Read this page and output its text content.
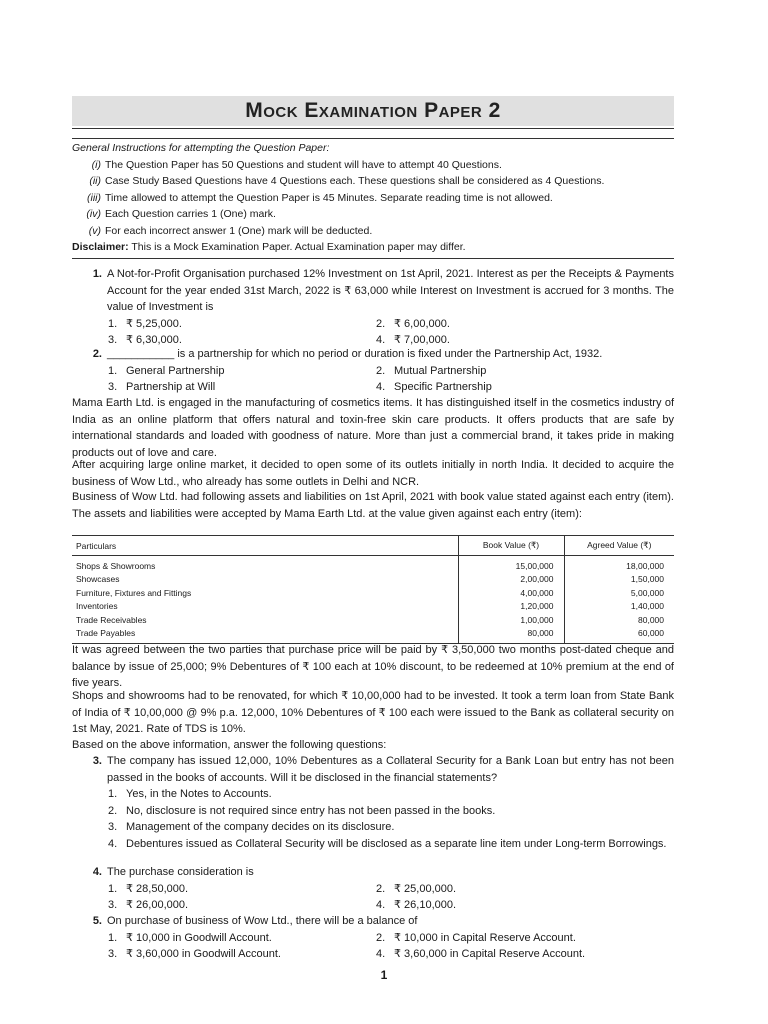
Mock Examination Paper 2
General Instructions for attempting the Question Paper:
(i) The Question Paper has 50 Questions and student will have to attempt 40 Questions.
(ii) Case Study Based Questions have 4 Questions each. These questions shall be considered as 4 Questions.
(iii) Time allowed to attempt the Question Paper is 45 Minutes. Separate reading time is not allowed.
(iv) Each Question carries 1 (One) mark.
(v) For each incorrect answer 1 (One) mark will be deducted.
Disclaimer: This is a Mock Examination Paper. Actual Examination paper may differ.
1. A Not-for-Profit Organisation purchased 12% Investment on 1st April, 2021. Interest as per the Receipts & Payments Account for the year ended 31st March, 2022 is ₹ 63,000 while Interest on Investment is accrued for 3 months. The value of Investment is
1. ₹ 5,25,000.	2. ₹ 6,00,000.
3. ₹ 6,30,000.	4. ₹ 7,00,000.
2. ___________ is a partnership for which no period or duration is fixed under the Partnership Act, 1932.
1. General Partnership	2. Mutual Partnership
3. Partnership at Will	4. Specific Partnership

Mama Earth Ltd. is engaged in the manufacturing of cosmetics items. It has distinguished itself in the cosmetics industry of India as an online platform that offers natural and toxin-free skin care products. It offers products that are safe by international standards and loaded with goodness of nature. More than just a commercial brand, it takes pride in making products out of love and care.

After acquiring large online market, it decided to open some of its outlets initially in north India. It decided to acquire the business of Wow Ltd., who already has some outlets in Delhi and NCR.

Business of Wow Ltd. had following assets and liabilities on 1st April, 2021 with book value stated against each entry (item). The assets and liabilities were accepted by Mama Earth Ltd. at the value given against each entry (item):

Particulars	Book Value (₹)	Agreed Value (₹)
Shops & Showrooms	15,00,000	18,00,000
Showcases	2,00,000	1,50,000
Furniture, Fixtures and Fittings	4,00,000	5,00,000
Inventories	1,20,000	1,40,000
Trade Receivables	1,00,000	80,000
Trade Payables	80,000	60,000

It was agreed between the two parties that purchase price will be paid by ₹ 3,50,000 two months post-dated cheque and balance by issue of 25,000; 9% Debentures of ₹ 100 each at 10% discount, to be redeemed at 10% premium at the end of five years.

Shops and showrooms had to be renovated, for which ₹ 10,00,000 had to be invested. It took a term loan from State Bank of India of ₹ 10,00,000 @ 9% p.a. 12,000, 10% Debentures of ₹ 100 each were issued to the Bank as collateral security on 1st May, 2021. Rate of TDS is 10%.

Based on the above information, answer the following questions:

3. The company has issued 12,000, 10% Debentures as a Collateral Security for a Bank Loan but entry has not been passed in the books of accounts. Will it be disclosed in the financial statements?
1. Yes, in the Notes to Accounts.
2. No, disclosure is not required since entry has not been passed in the books.
3. Management of the company decides on its disclosure.
4. Debentures issued as Collateral Security will be disclosed as a separate line item under Long-term Borrowings.
4. The purchase consideration is
1. ₹ 28,50,000.	2. ₹ 25,00,000.
3. ₹ 26,00,000.	4. ₹ 26,10,000.
5. On purchase of business of Wow Ltd., there will be a balance of
1. ₹ 10,000 in Goodwill Account.	2. ₹ 10,000 in Capital Reserve Account.
3. ₹ 3,60,000 in Goodwill Account.	4. ₹ 3,60,000 in Capital Reserve Account.
1
